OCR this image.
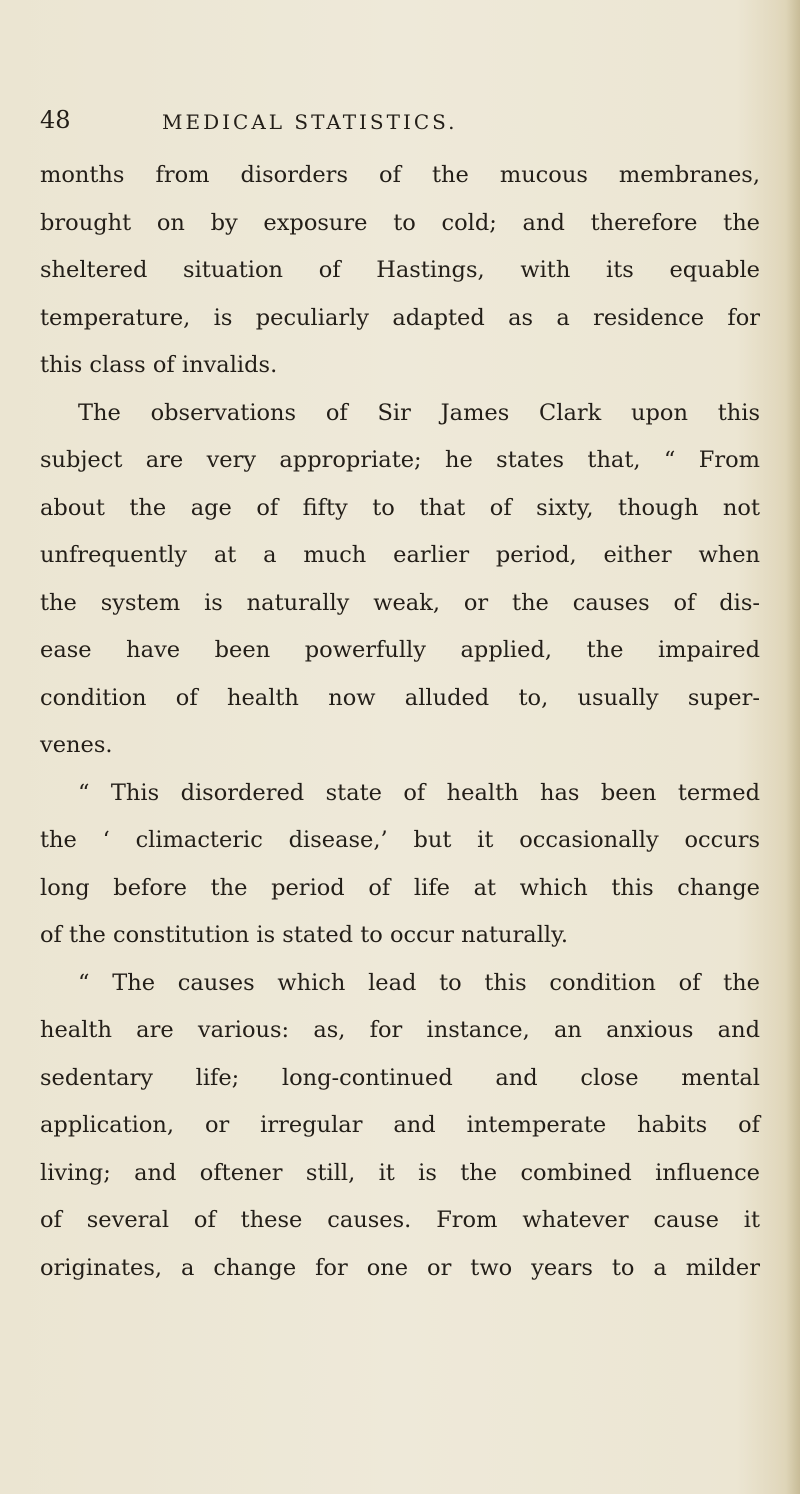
48	MEDICAL STATISTICS.
months from disorders of the mucous membranes,
brought on by exposure to cold; and therefore the
sheltered situation of Hastings, with its equable
temperature, is peculiarly adapted as a residence for
this class of invalids.
The observations of Sir James Clark upon this
subject are very appropriate; he states that, “ From
about the age of fifty to that of sixty, though not
unfrequently at a much earlier period, either when
the system is naturally weak, or the causes of dis-
ease have been powerfully applied, the impaired
condition of health now alluded to, usually super-
venes.
“ This disordered state of health has been termed
the ‘ climacteric disease,’ but it occasionally occurs
long before the period of life at which this change
of the constitution is stated to occur naturally.
“ The causes which lead to this condition of the
health are various: as, for instance, an anxious and
sedentary life; long-continued and close mental
application, or irregular and intemperate habits of
living; and oftener still, it is the combined influence
of several of these causes. From whatever cause it
originates, a change for one or two years to a milder
